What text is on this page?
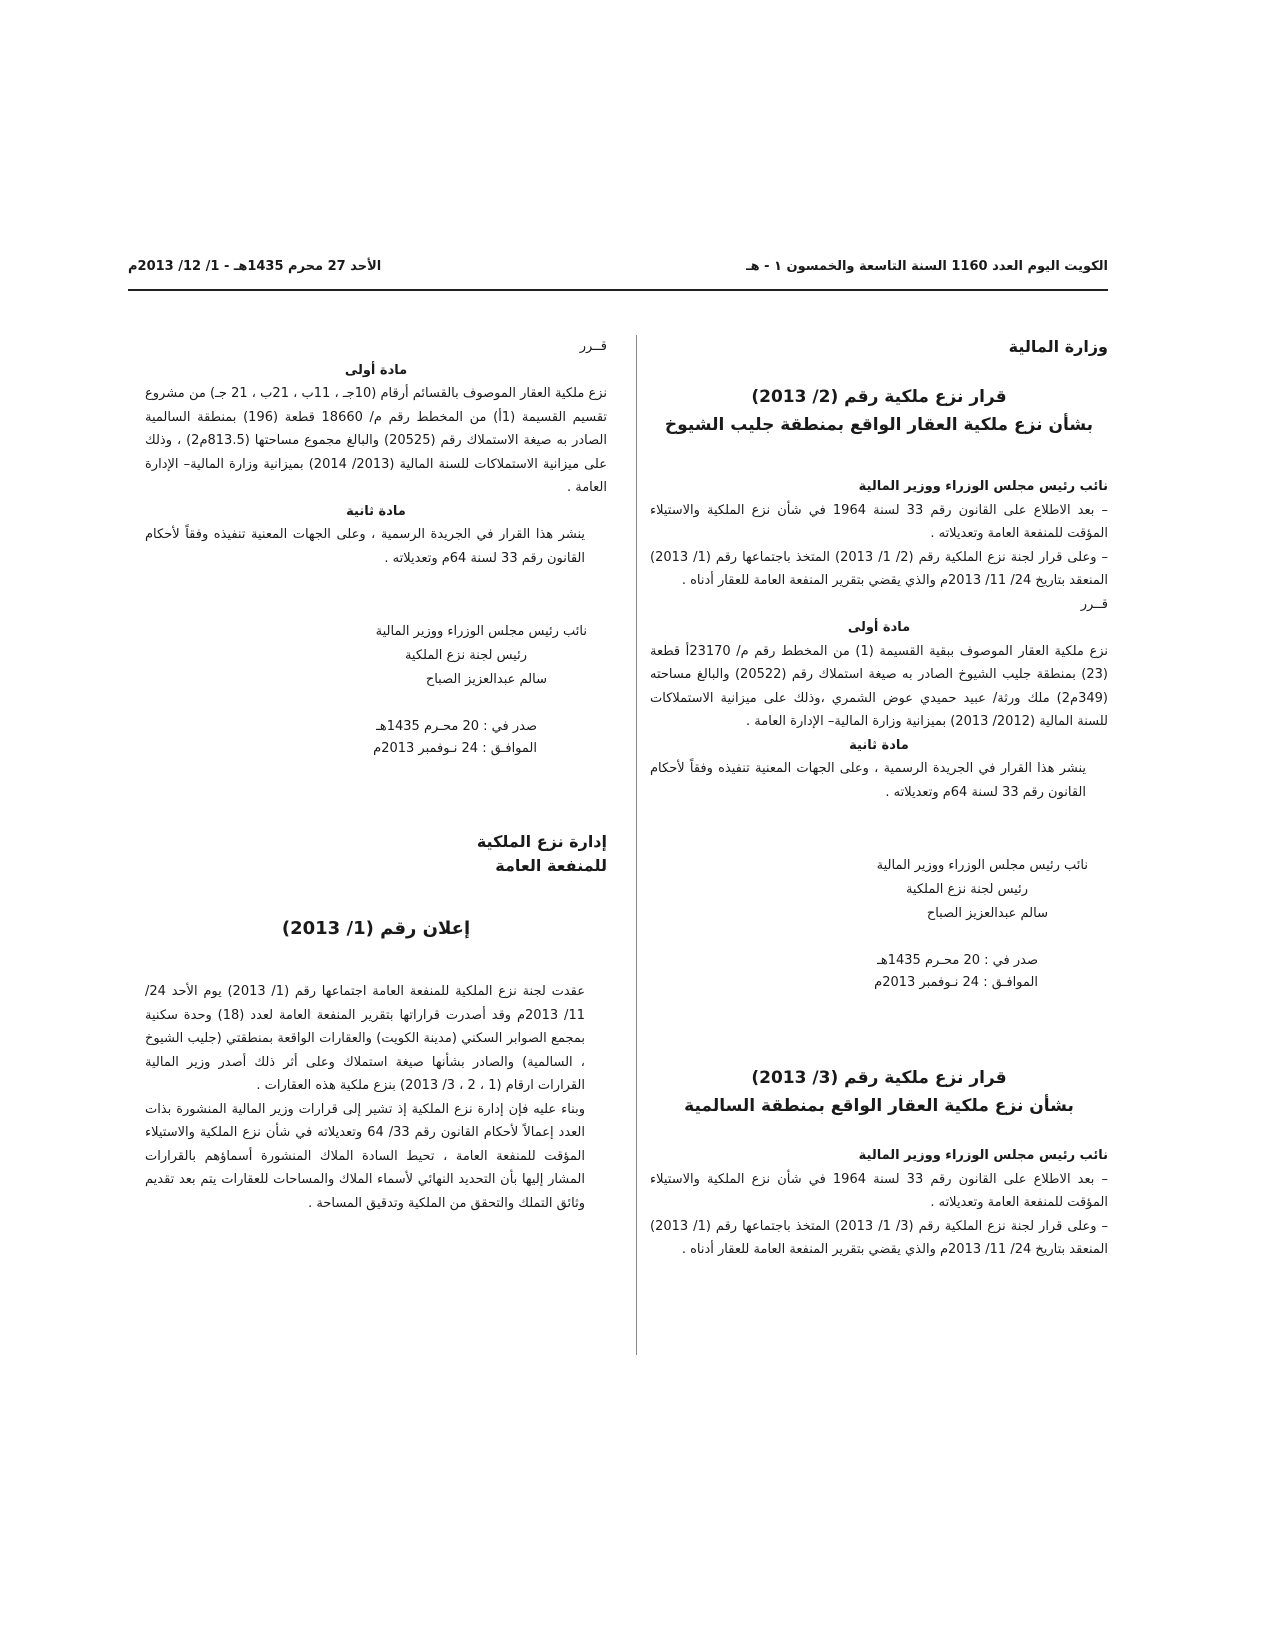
الكويت اليوم العدد 1160 السنة التاسعة والخمسون ١ - هـ
الأحد 27 محرم 1435هـ - 1/ 12/ 2013م

وزارة المالية

قرار نزع ملكية رقم (2/ 2013)

بشأن نزع ملكية العقار الواقع بمنطقة جليب الشيوخ

نائب رئيس مجلس الوزراء ووزير المالية

– بعد الاطلاع على القانون رقم 33 لسنة 1964 في شأن نزع الملكية والاستيلاء المؤقت للمنفعة العامة وتعديلاته .

– وعلى قرار لجنة نزع الملكية رقم (2/ 1/ 2013) المتخذ باجتماعها رقم (1/ 2013) المنعقد بتاريخ 24/ 11/ 2013م والذي يقضي بتقرير المنفعة العامة للعقار أدناه .

قــرر

مادة أولى

نزع ملكية العقار الموصوف ببقية القسيمة (1) من المخطط رقم م/ 23170أ قطعة (23) بمنطقة جليب الشيوخ الصادر به صيغة استملاك رقم (20522) والبالغ مساحته (349م2) ملك ورثة/ عبيد حميدي عوض الشمري ،وذلك على ميزانية الاستملاكات للسنة المالية (2012/ 2013) بميزانية وزارة المالية– الإدارة العامة .

مادة ثانية

ينشر هذا القرار في الجريدة الرسمية ، وعلى الجهات المعنية تنفيذه وفقاً لأحكام القانون رقم 33 لسنة 64م وتعديلاته .

نائب رئيس مجلس الوزراء ووزير المالية

رئيس لجنة نزع الملكية

سالم عبدالعزيز الصباح

صدر في : 20 محـرم 1435هـ

الموافـق : 24 نـوفمبر 2013م

قرار نزع ملكية رقم (3/ 2013)

بشأن نزع ملكية العقار الواقع بمنطقة السالمية

نائب رئيس مجلس الوزراء ووزير المالية

– بعد الاطلاع على القانون رقم 33 لسنة 1964 في شأن نزع الملكية والاستيلاء المؤقت للمنفعة العامة وتعديلاته .

– وعلى قرار لجنة نزع الملكية رقم (3/ 1/ 2013) المتخذ باجتماعها رقم (1/ 2013) المنعقد بتاريخ 24/ 11/ 2013م والذي يقضي بتقرير المنفعة العامة للعقار أدناه .

قــرر

مادة أولى

نزع ملكية العقار الموصوف بالقسائم أرقام (10جـ ، 11ب ، 21ب ، 21 جـ) من مشروع تقسيم القسيمة (1أ) من المخطط رقم م/ 18660 قطعة (196) بمنطقة السالمية الصادر به صيغة الاستملاك رقم (20525) والبالغ مجموع مساحتها (813.5م2) ، وذلك على ميزانية الاستملاكات للسنة المالية (2013/ 2014) بميزانية وزارة المالية– الإدارة العامة .

مادة ثانية

ينشر هذا القرار في الجريدة الرسمية ، وعلى الجهات المعنية تنفيذه وفقاً لأحكام القانون رقم 33 لسنة 64م وتعديلاته .

نائب رئيس مجلس الوزراء ووزير المالية

رئيس لجنة نزع الملكية

سالم عبدالعزيز الصباح

صدر في : 20 محـرم 1435هـ

الموافـق : 24 نـوفمبر 2013م

إدارة نزع الملكية

للمنفعة العامة

إعلان رقم (1/ 2013)

عقدت لجنة نزع الملكية للمنفعة العامة اجتماعها رقم (1/ 2013) يوم الأحد 24/ 11/ 2013م وقد أصدرت قراراتها بتقرير المنفعة العامة لعدد (18) وحدة سكنية بمجمع الصوابر السكني (مدينة الكويت) والعقارات الواقعة بمنطقتي (جليب الشيوخ ، السالمية) والصادر بشأنها صيغة استملاك وعلى أثر ذلك أصدر وزير المالية القرارات ارقام (1 ، 2 ، 3/ 2013) بنزع ملكية هذه العقارات .

وبناء عليه فإن إدارة نزع الملكية إذ تشير إلى قرارات وزير المالية المنشورة بذات العدد إعمالاً لأحكام القانون رقم 33/ 64 وتعديلاته في شأن نزع الملكية والاستيلاء المؤقت للمنفعة العامة ، تحيط السادة الملاك المنشورة أسماؤهم بالقرارات المشار إليها بأن التحديد النهائي لأسماء الملاك والمساحات للعقارات يتم بعد تقديم وثائق التملك والتحقق من الملكية وتدقيق المساحة .
